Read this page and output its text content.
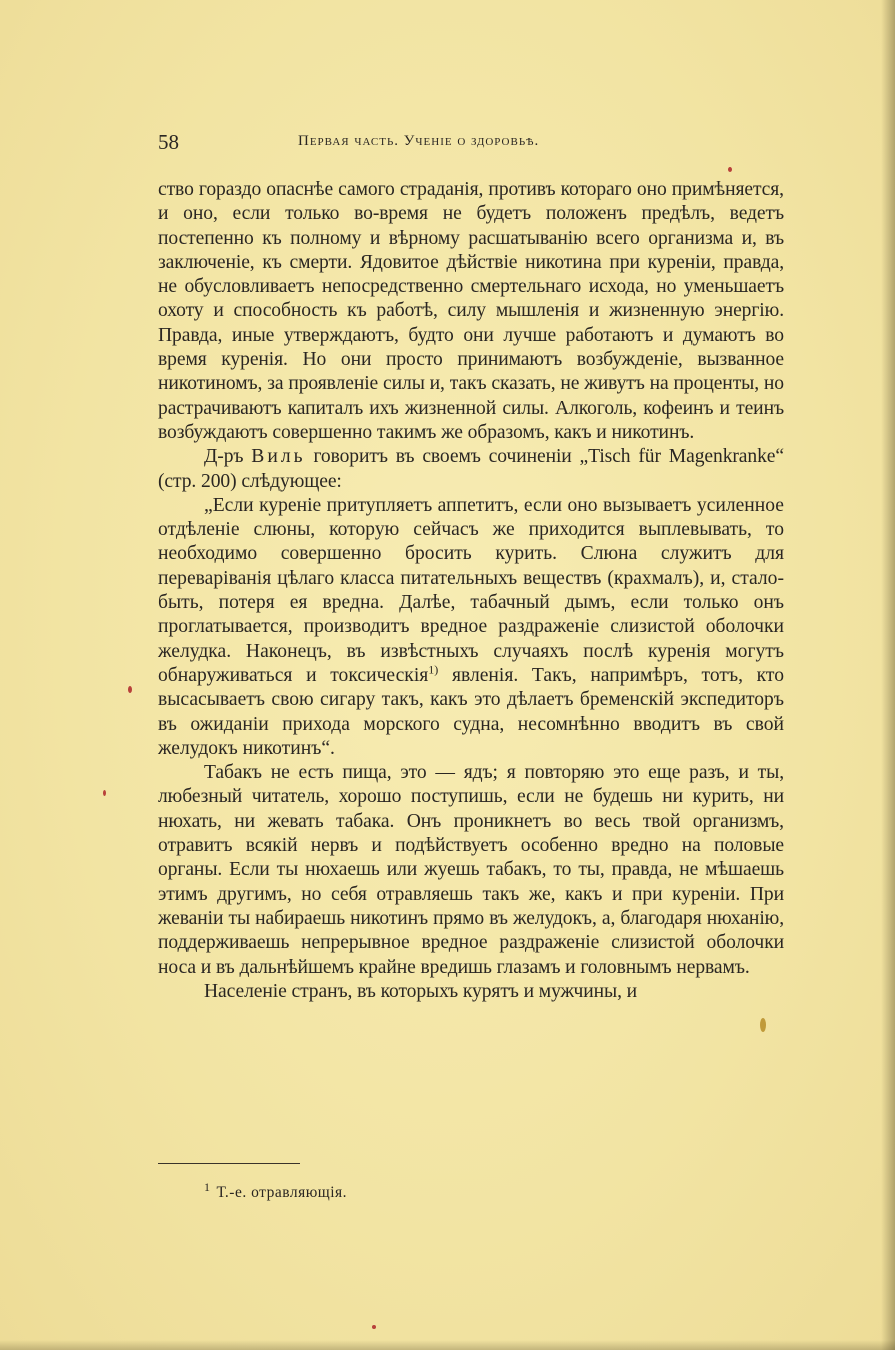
58	Первая часть. Ученіе о здоровьѣ.

ство гораздо опаснѣе самого страданія, противъ котораго оно примѣняется, и оно, если только во-время не будетъ положенъ предѣлъ, ведетъ постепенно къ полному и вѣрному расшатыванію всего организма и, въ заключеніе, къ смерти. Ядовитое дѣйствіе никотина при куреніи, правда, не обусловливаетъ непосредственно смертельнаго исхода, но уменьшаетъ охоту и способность къ работѣ, силу мышленія и жизненную энергію. Правда, иные утверждаютъ, будто они лучше работаютъ и думаютъ во время куренія. Но они просто принимаютъ возбужденіе, вызванное никотиномъ, за проявленіе силы и, такъ сказать, не живутъ на проценты, но растрачиваютъ капиталъ ихъ жизненной силы. Алкоголь, кофеинъ и теинъ возбуждаютъ совершенно такимъ же образомъ, какъ и никотинъ.

Д-ръ Виль говоритъ въ своемъ сочиненіи „Tisch für Magenkranke“ (стр. 200) слѣдующее:

„Если куреніе притупляетъ аппетитъ, если оно вызываетъ усиленное отдѣленіе слюны, которую сейчасъ же приходится выплевывать, то необходимо совершенно бросить курить. Слюна служитъ для переваріванія цѣлаго класса питательныхъ веществъ (крахмалъ), и, стало-быть, потеря ея вредна. Далѣе, табачный дымъ, если только онъ проглатывается, производитъ вредное раздраженіе слизистой оболочки желудка. Наконецъ, въ извѣстныхъ случаяхъ послѣ куренія могутъ обнаруживаться и токсическія$^{1)}$ явленія. Такъ, напримѣръ, тотъ, кто высасываетъ свою сигару такъ, какъ это дѣлаетъ бременскій экспедиторъ въ ожиданіи прихода морского судна, несомнѣнно вводитъ въ свой желудокъ никотинъ“.

Табакъ не есть пища, это — ядъ; я повторяю это еще разъ, и ты, любезный читатель, хорошо поступишь, если не будешь ни курить, ни нюхать, ни жевать табака. Онъ проникнетъ во весь твой организмъ, отравитъ всякій нервъ и подѣйствуетъ особенно вредно на половые органы. Если ты нюхаешь или жуешь табакъ, то ты, правда, не мѣшаешь этимъ другимъ, но себя отравляешь такъ же, какъ и при куреніи. При жеваніи ты набираешь никотинъ прямо въ желудокъ, а, благодаря нюханію, поддерживаешь непрерывное вредное раздраженіе слизистой оболочки носа и въ дальнѣйшемъ крайне вредишь глазамъ и головнымъ нервамъ.

Населеніе странъ, въ которыхъ курятъ и мужчины, и

$^1$ Т.-е. отравляющія.
